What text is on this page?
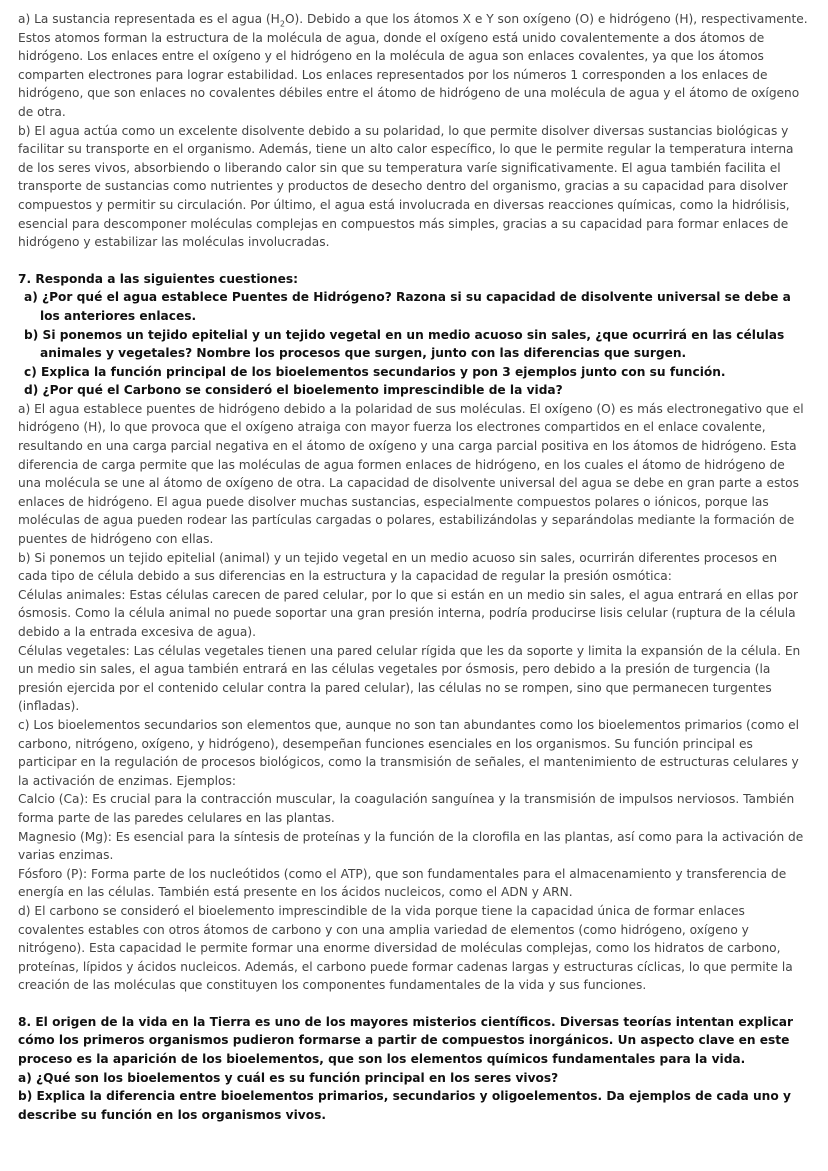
a) La sustancia representada es el agua $(H_2O)$. Debido a que los átomos X e Y son oxígeno (O) e hidrógeno (H), respectivamente. Estos atomos forman la estructura de la molécula de agua, donde el oxígeno está unido covalentemente a dos átomos de hidrógeno. Los enlaces entre el oxígeno y el hidrógeno en la molécula de agua son enlaces covalentes, ya que los átomos comparten electrones para lograr estabilidad. Los enlaces representados por los números 1 corresponden a los enlaces de hidrógeno, que son enlaces no covalentes débiles entre el átomo de hidrógeno de una molécula de agua y el átomo de oxígeno de otra.

b) El agua actúa como un excelente disolvente debido a su polaridad, lo que permite disolver diversas sustancias biológicas y facilitar su transporte en el organismo. Además, tiene un alto calor específico, lo que le permite regular la temperatura interna de los seres vivos, absorbiendo o liberando calor sin que su temperatura varíe significativamente. El agua también facilita el transporte de sustancias como nutrientes y productos de desecho dentro del organismo, gracias a su capacidad para disolver compuestos y permitir su circulación. Por último, el agua está involucrada en diversas reacciones químicas, como la hidrólisis, esencial para descomponer moléculas complejas en compuestos más simples, gracias a su capacidad para formar enlaces de hidrógeno y estabilizar las moléculas involucradas.

7. Responda a las siguientes cuestiones:

a) ¿Por qué el agua establece Puentes de Hidrógeno? Razona si su capacidad de disolvente universal se debe a los anteriores enlaces.

b) Si ponemos un tejido epitelial y un tejido vegetal en un medio acuoso sin sales, ¿que ocurrirá en las células animales y vegetales? Nombre los procesos que surgen, junto con las diferencias que surgen.

c) Explica la función principal de los bioelementos secundarios y pon 3 ejemplos junto con su función.

d) ¿Por qué el Carbono se consideró el bioelemento imprescindible de la vida?

a) El agua establece puentes de hidrógeno debido a la polaridad de sus moléculas. El oxígeno (O) es más electronegativo que el hidrógeno (H), lo que provoca que el oxígeno atraiga con mayor fuerza los electrones compartidos en el enlace covalente, resultando en una carga parcial negativa en el átomo de oxígeno y una carga parcial positiva en los átomos de hidrógeno. Esta diferencia de carga permite que las moléculas de agua formen enlaces de hidrógeno, en los cuales el átomo de hidrógeno de una molécula se une al átomo de oxígeno de otra. La capacidad de disolvente universal del agua se debe en gran parte a estos enlaces de hidrógeno. El agua puede disolver muchas sustancias, especialmente compuestos polares o iónicos, porque las moléculas de agua pueden rodear las partículas cargadas o polares, estabilizándolas y separándolas mediante la formación de puentes de hidrógeno con ellas.

b) Si ponemos un tejido epitelial (animal) y un tejido vegetal en un medio acuoso sin sales, ocurrirán diferentes procesos en cada tipo de célula debido a sus diferencias en la estructura y la capacidad de regular la presión osmótica:

Células animales: Estas células carecen de pared celular, por lo que si están en un medio sin sales, el agua entrará en ellas por ósmosis. Como la célula animal no puede soportar una gran presión interna, podría producirse lisis celular (ruptura de la célula debido a la entrada excesiva de agua).

Células vegetales: Las células vegetales tienen una pared celular rígida que les da soporte y limita la expansión de la célula. En un medio sin sales, el agua también entrará en las células vegetales por ósmosis, pero debido a la presión de turgencia (la presión ejercida por el contenido celular contra la pared celular), las células no se rompen, sino que permanecen turgentes (infladas).

c) Los bioelementos secundarios son elementos que, aunque no son tan abundantes como los bioelementos primarios (como el carbono, nitrógeno, oxígeno, y hidrógeno), desempeñan funciones esenciales en los organismos. Su función principal es participar en la regulación de procesos biológicos, como la transmisión de señales, el mantenimiento de estructuras celulares y la activación de enzimas. Ejemplos:

Calcio (Ca): Es crucial para la contracción muscular, la coagulación sanguínea y la transmisión de impulsos nerviosos. También forma parte de las paredes celulares en las plantas.

Magnesio (Mg): Es esencial para la síntesis de proteínas y la función de la clorofila en las plantas, así como para la activación de varias enzimas.

Fósforo (P): Forma parte de los nucleótidos (como el ATP), que son fundamentales para el almacenamiento y transferencia de energía en las células. También está presente en los ácidos nucleicos, como el ADN y ARN.

d) El carbono se consideró el bioelemento imprescindible de la vida porque tiene la capacidad única de formar enlaces covalentes estables con otros átomos de carbono y con una amplia variedad de elementos (como hidrógeno, oxígeno y nitrógeno). Esta capacidad le permite formar una enorme diversidad de moléculas complejas, como los hidratos de carbono, proteínas, lípidos y ácidos nucleicos. Además, el carbono puede formar cadenas largas y estructuras cíclicas, lo que permite la creación de las moléculas que constituyen los componentes fundamentales de la vida y sus funciones.

8. El origen de la vida en la Tierra es uno de los mayores misterios científicos. Diversas teorías intentan explicar cómo los primeros organismos pudieron formarse a partir de compuestos inorgánicos. Un aspecto clave en este proceso es la aparición de los bioelementos, que son los elementos químicos fundamentales para la vida.

a) ¿Qué son los bioelementos y cuál es su función principal en los seres vivos?

b) Explica la diferencia entre bioelementos primarios, secundarios y oligoelementos. Da ejemplos de cada uno y describe su función en los organismos vivos.
